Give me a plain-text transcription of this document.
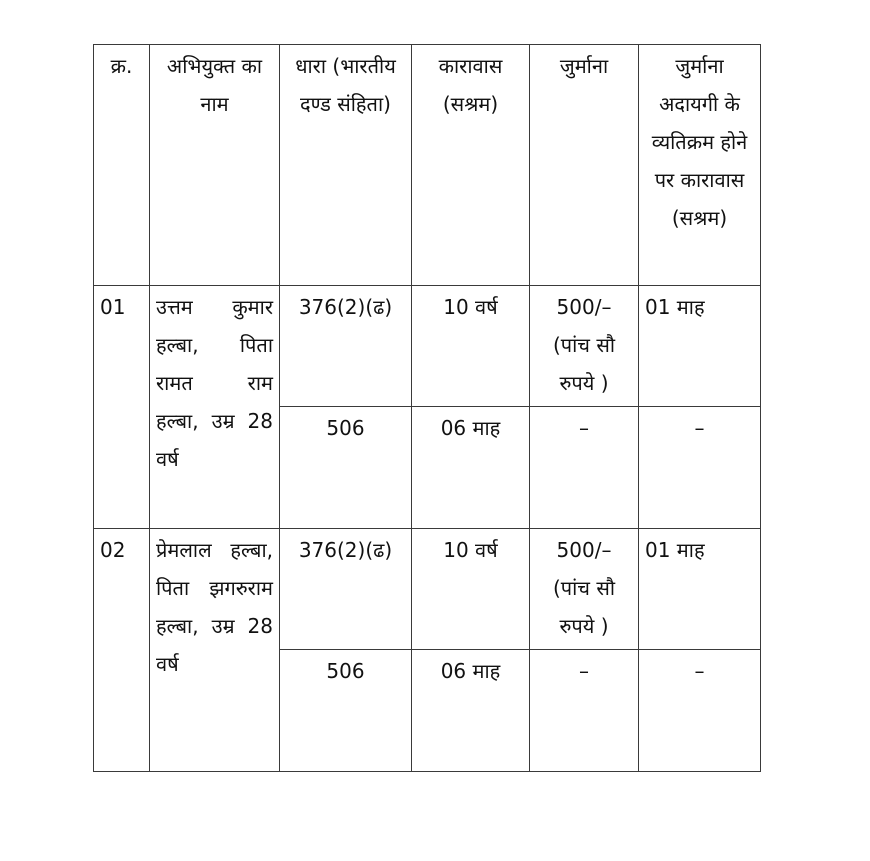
क्र.	अभियुक्त का नाम	धारा (भारतीय दण्ड संहिता)	कारावास (सश्रम)	जुर्माना	जुर्माना अदायगी के व्यतिक्रम होने पर कारावास (सश्रम)
01	उत्तम कुमार हल्बा, पिता रामत राम हल्बा, उम्र 28 वर्ष	376(2)(ढ)	10 वर्ष	500/– (पांच सौ रुपये )	01 माह
		506	06 माह	–	–
02	प्रेमलाल हल्बा, पिता झगरुराम हल्बा, उम्र 28 वर्ष	376(2)(ढ)	10 वर्ष	500/– (पांच सौ रुपये )	01 माह
		506	06 माह	–	–
